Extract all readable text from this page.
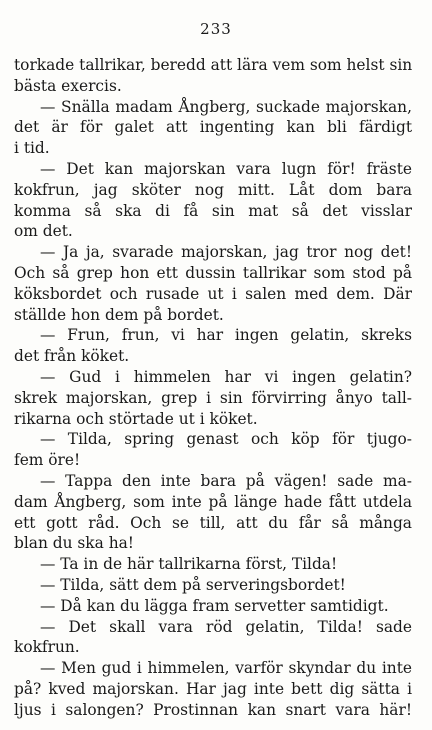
233
torkade tallrikar, beredd att lära vem som helst sin
bästa exercis.
— Snälla madam Ångberg, suckade majorskan,
det är för galet att ingenting kan bli färdigt
i tid.
— Det kan majorskan vara lugn för! fräste
kokfrun, jag sköter nog mitt. Låt dom bara
komma så ska di få sin mat så det visslar
om det.
— Ja ja, svarade majorskan, jag tror nog det!
Och så grep hon ett dussin tallrikar som stod på
köksbordet och rusade ut i salen med dem. Där
ställde hon dem på bordet.
— Frun, frun, vi har ingen gelatin, skreks
det från köket.
— Gud i himmelen har vi ingen gelatin?
skrek majorskan, grep i sin förvirring ånyo tall-
rikarna och störtade ut i köket.
— Tilda, spring genast och köp för tjugo-
fem öre!
— Tappa den inte bara på vägen! sade ma-
dam Ångberg, som inte på länge hade fått utdela
ett gott råd. Och se till, att du får så många
blan du ska ha!
— Ta in de här tallrikarna först, Tilda!
— Tilda, sätt dem på serveringsbordet!
— Då kan du lägga fram servetter samtidigt.
— Det skall vara röd gelatin, Tilda! sade
kokfrun.
— Men gud i himmelen, varför skyndar du inte
på? kved majorskan. Har jag inte bett dig sätta i
ljus i salongen? Prostinnan kan snart vara här!
